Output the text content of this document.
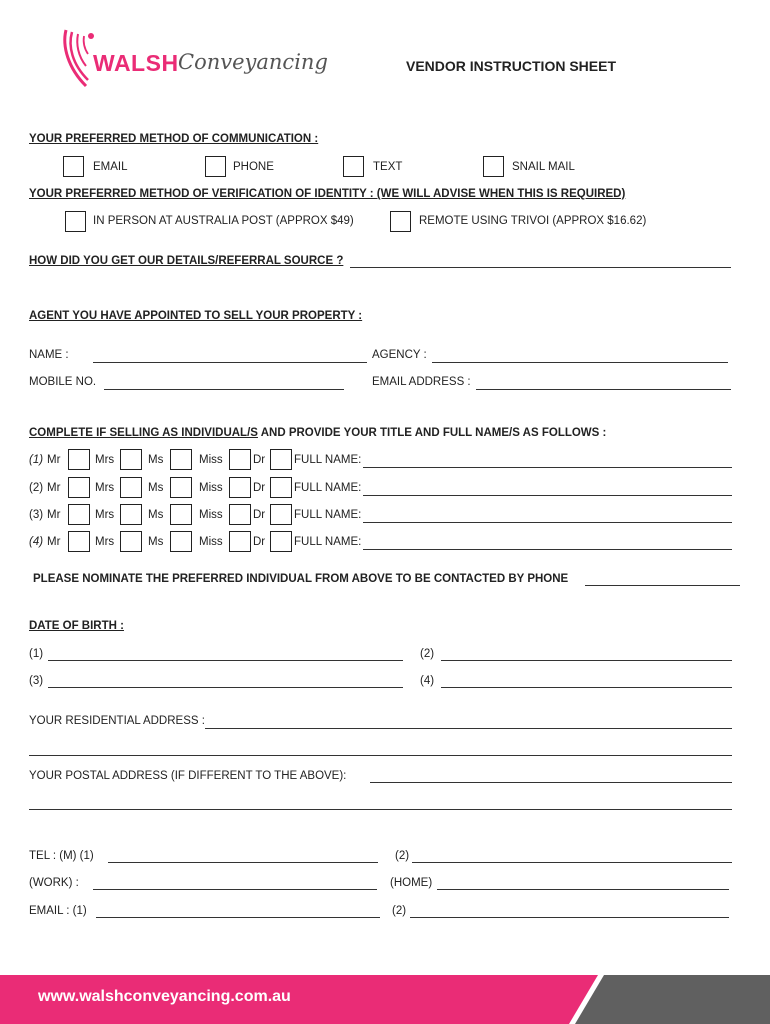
WALSH Conveyancing	VENDOR INSTRUCTION SHEET
YOUR PREFERRED METHOD OF COMMUNICATION :
EMAIL	PHONE	TEXT	SNAIL MAIL
YOUR PREFERRED METHOD OF VERIFICATION OF IDENTITY : (WE WILL ADVISE WHEN THIS IS REQUIRED)
IN PERSON AT AUSTRALIA POST (APPROX $49)	REMOTE USING TRIVOI (APPROX $16.62)
HOW DID YOU GET OUR DETAILS/REFERRAL SOURCE ?
AGENT YOU HAVE APPOINTED TO SELL YOUR PROPERTY :
NAME :	AGENCY :
MOBILE NO.	EMAIL ADDRESS :
COMPLETE IF SELLING AS INDIVIDUAL/S AND PROVIDE YOUR TITLE AND FULL NAME/S AS FOLLOWS :
(1) Mr	Mrs	Ms	Miss	Dr	FULL NAME:
(2) Mr	Mrs	Ms	Miss	Dr	FULL NAME:
(3) Mr	Mrs	Ms	Miss	Dr	FULL NAME:
(4) Mr	Mrs	Ms	Miss	Dr	FULL NAME:
PLEASE NOMINATE THE PREFERRED INDIVIDUAL FROM ABOVE TO BE CONTACTED BY PHONE
DATE OF BIRTH :
(1)	(2)
(3)	(4)
YOUR RESIDENTIAL ADDRESS :
YOUR POSTAL ADDRESS (IF DIFFERENT TO THE ABOVE):
TEL : (M) (1)	(2)
(WORK) :	(HOME)
EMAIL : (1)	(2)
www.walshconveyancing.com.au
